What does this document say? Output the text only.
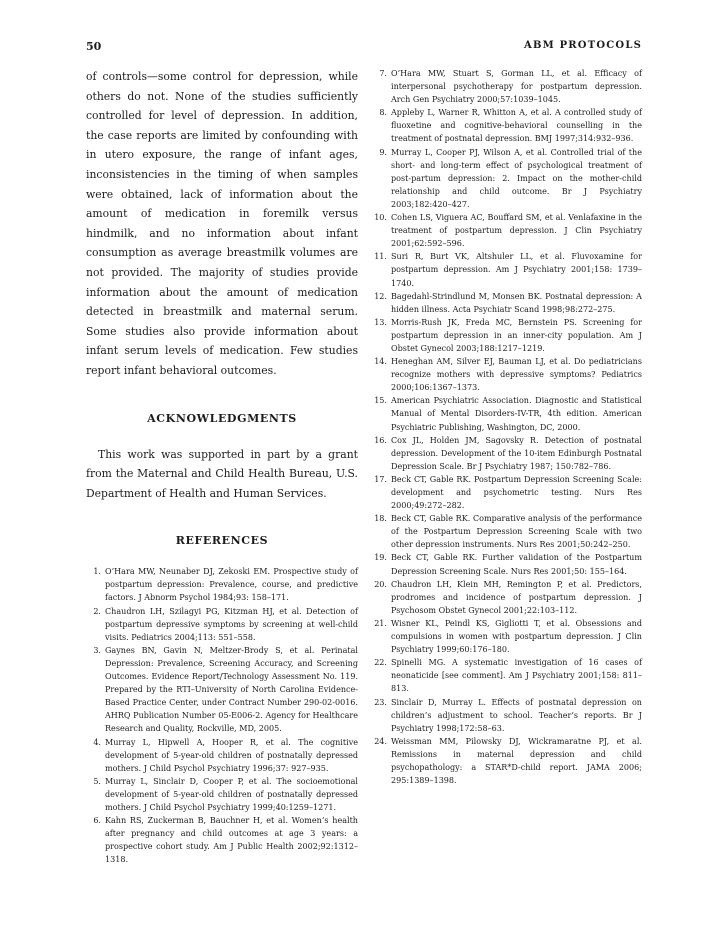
50	ABM PROTOCOLS

of controls—some control for depression, while others do not. None of the studies sufficiently controlled for level of depression. In addition, the case reports are limited by confounding with in utero exposure, the range of infant ages, inconsistencies in the timing of when samples were obtained, lack of information about the amount of medication in foremilk versus hindmilk, and no information about infant consumption as average breastmilk volumes are not provided. The majority of studies provide information about the amount of medication detected in breastmilk and maternal serum. Some studies also provide information about infant serum levels of medication. Few studies report infant behavioral outcomes.

ACKNOWLEDGMENTS

This work was supported in part by a grant from the Maternal and Child Health Bureau, U.S. Department of Health and Human Services.

REFERENCES
1. O’Hara MW, Neunaber DJ, Zekoski EM. Prospective study of postpartum depression: Prevalence, course, and predictive factors. J Abnorm Psychol 1984;93: 158–171.
2. Chaudron LH, Szilagyi PG, Kitzman HJ, et al. Detection of postpartum depressive symptoms by screening at well-child visits. Pediatrics 2004;113: 551–558.
3. Gaynes BN, Gavin N, Meltzer-Brody S, et al. Perinatal Depression: Prevalence, Screening Accuracy, and Screening Outcomes. Evidence Report/Technology Assessment No. 119. Prepared by the RTI–University of North Carolina Evidence-Based Practice Center, under Contract Number 290-02-0016. AHRQ Publication Number 05-E006-2. Agency for Healthcare Research and Quality, Rockville, MD, 2005.
4. Murray L, Hipwell A, Hooper R, et al. The cognitive development of 5-year-old children of postnatally depressed mothers. J Child Psychol Psychiatry 1996;37: 927–935.
5. Murray L, Sinclair D, Cooper P, et al. The socioemotional development of 5-year-old children of postnatally depressed mothers. J Child Psychol Psychiatry 1999;40:1259–1271.
6. Kahn RS, Zuckerman B, Bauchner H, et al. Women’s health after pregnancy and child outcomes at age 3 years: a prospective cohort study. Am J Public Health 2002;92:1312–1318.
7. O’Hara MW, Stuart S, Gorman LL, et al. Efficacy of interpersonal psychotherapy for postpartum depression. Arch Gen Psychiatry 2000;57:1039–1045.
8. Appleby L, Warner R, Whitton A, et al. A controlled study of fluoxetine and cognitive-behavioral counselling in the treatment of postnatal depression. BMJ 1997;314:932–936.
9. Murray L, Cooper PJ, Wilson A, et al. Controlled trial of the short- and long-term effect of psychological treatment of post-partum depression: 2. Impact on the mother-child relationship and child outcome. Br J Psychiatry 2003;182:420–427.
10. Cohen LS, Viguera AC, Bouffard SM, et al. Venlafaxine in the treatment of postpartum depression. J Clin Psychiatry 2001;62:592–596.
11. Suri R, Burt VK, Altshuler LL, et al. Fluvoxamine for postpartum depression. Am J Psychiatry 2001;158: 1739–1740.
12. Bagedahl-Strindlund M, Monsen BK. Postnatal depression: A hidden illness. Acta Psychiatr Scand 1998;98:272–275.
13. Morris-Rush JK, Freda MC, Bernstein PS. Screening for postpartum depression in an inner-city population. Am J Obstet Gynecol 2003;188:1217–1219.
14. Heneghan AM, Silver EJ, Bauman LJ, et al. Do pediatricians recognize mothers with depressive symptoms? Pediatrics 2000;106:1367–1373.
15. American Psychiatric Association. Diagnostic and Statistical Manual of Mental Disorders-IV-TR, 4th edition. American Psychiatric Publishing, Washington, DC, 2000.
16. Cox JL, Holden JM, Sagovsky R. Detection of postnatal depression. Development of the 10-item Edinburgh Postnatal Depression Scale. Br J Psychiatry 1987; 150:782–786.
17. Beck CT, Gable RK. Postpartum Depression Screening Scale: development and psychometric testing. Nurs Res 2000;49:272–282.
18. Beck CT, Gable RK. Comparative analysis of the performance of the Postpartum Depression Screening Scale with two other depression instruments. Nurs Res 2001;50:242–250.
19. Beck CT, Gable RK. Further validation of the Postpartum Depression Screening Scale. Nurs Res 2001;50: 155–164.
20. Chaudron LH, Klein MH, Remington P, et al. Predictors, prodromes and incidence of postpartum depression. J Psychosom Obstet Gynecol 2001;22:103–112.
21. Wisner KL, Peindl KS, Gigliotti T, et al. Obsessions and compulsions in women with postpartum depression. J Clin Psychiatry 1999;60:176–180.
22. Spinelli MG. A systematic investigation of 16 cases of neonaticide [see comment]. Am J Psychiatry 2001;158: 811–813.
23. Sinclair D, Murray L. Effects of postnatal depression on children’s adjustment to school. Teacher’s reports. Br J Psychiatry 1998;172:58–63.
24. Weissman MM, Pilowsky DJ, Wickramaratne PJ, et al. Remissions in maternal depression and child psychopathology: a STAR*D-child report. JAMA 2006; 295:1389–1398.
